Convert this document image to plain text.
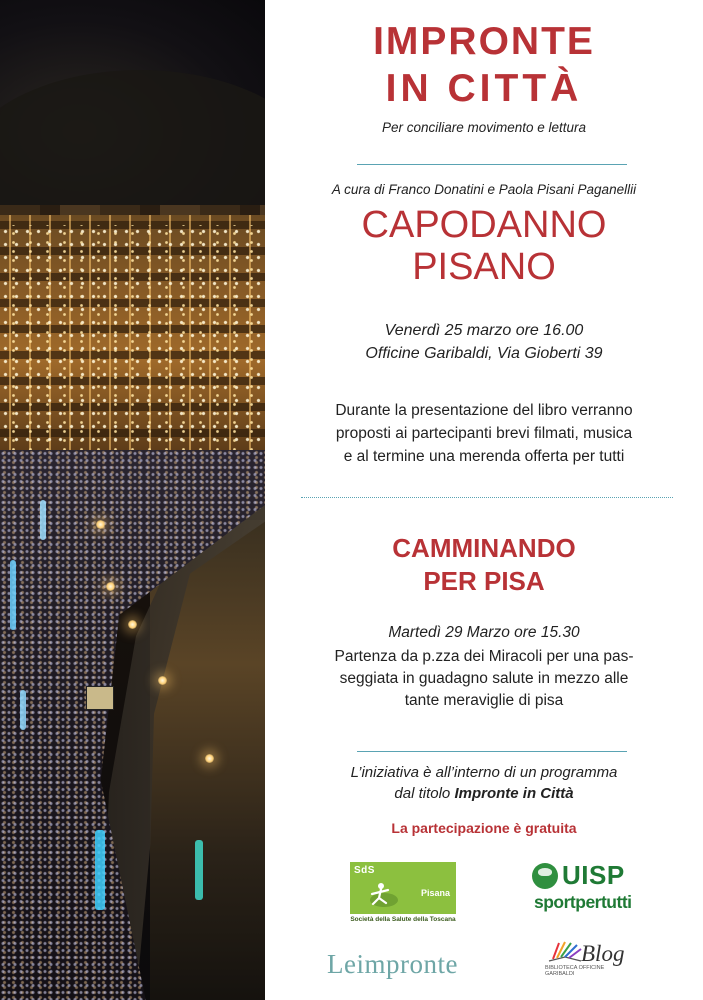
IMPRONTE
IN CITTÀ
Per conciliare movimento e lettura
A cura di Franco Donatini e Paola Pisani Paganellii
CAPODANNO
PISANO
Venerdì 25 marzo ore 16.00
Officine Garibaldi, Via Gioberti 39
Durante la presentazione del libro verranno
proposti ai partecipanti brevi filmati, musica
e al termine una merenda offerta per tutti
CAMMINANDO
PER PISA
Martedì 29 Marzo ore 15.30
Partenza da p.zza dei Miracoli per una pas-
seggiata in guadagno salute in mezzo alle
tante meraviglie di pisa
L’iniziativa è all’interno di un programma
dal titolo Impronte in Città
La partecipazione è gratuita
SdS
Pisana
Società della Salute della Toscana
UISP
sportpertutti
Leimpronte	Blog
BIBLIOTECA OFFICINE GARIBALDI
